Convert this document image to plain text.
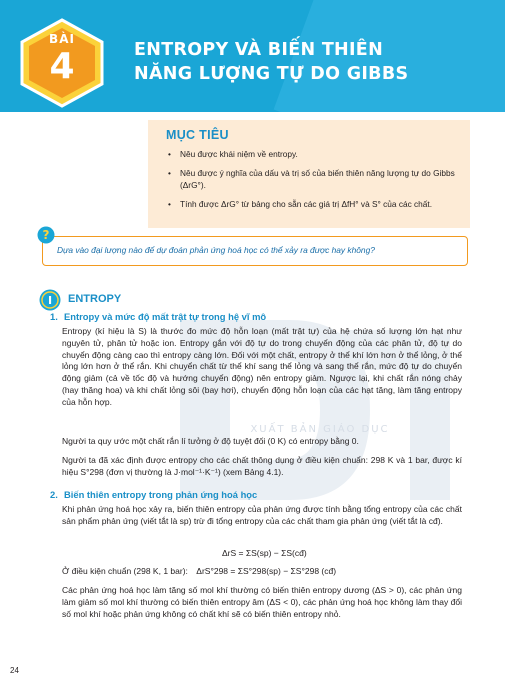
BÀI
4	ENTROPY VÀ BIẾN THIÊN
NĂNG LƯỢNG TỰ DO GIBBS
MỤC TIÊU
• Nêu được khái niệm về entropy.
• Nêu được ý nghĩa của dấu và trị số của biến thiên năng lượng tự do Gibbs (ΔrG°).
• Tính được ΔrG° từ bảng cho sẵn các giá trị ΔfH° và S° của các chất.
Dựa vào đại lượng nào để dự đoán phản ứng hoá học có thể xảy ra được hay không?
?
XUẤT BẢN GIÁO DỤC
I ENTROPY
1. Entropy và mức độ mất trật tự trong hệ vĩ mô

Entropy (kí hiệu là S) là thước đo mức độ hỗn loạn (mất trật tự) của hệ chứa số lượng lớn hạt như nguyên tử, phân tử hoặc ion. Entropy gắn với độ tự do trong chuyển động của các phân tử, độ tự do chuyển động càng cao thì entropy càng lớn. Đối với một chất, entropy ở thể khí lớn hơn ở thể lỏng, ở thể lỏng lớn hơn ở thể rắn. Khi chuyển chất từ thể khí sang thể lỏng và sang thể rắn, mức độ tự do chuyển động giảm (cả về tốc độ và hướng chuyển động) nên entropy giảm. Ngược lại, khi chất rắn nóng chảy (hay thăng hoa) và khi chất lỏng sôi (bay hơi), chuyển động hỗn loạn của các hạt tăng, làm tăng entropy của hỗn hợp.

Người ta quy ước một chất rắn lí tưởng ở độ tuyệt đối (0 K) có entropy bằng 0.

Người ta đã xác định được entropy cho các chất thông dụng ở điều kiện chuẩn: 298 K và 1 bar, được kí hiệu S°298 (đơn vị thường là J·mol⁻¹·K⁻¹) (xem Bảng 4.1).

2. Biến thiên entropy trong phản ứng hoá học

Khi phản ứng hoá học xảy ra, biến thiên entropy của phản ứng được tính bằng tổng entropy của các chất sản phẩm phản ứng (viết tắt là sp) trừ đi tổng entropy của các chất tham gia phản ứng (viết tắt là cđ).

ΔrS = ΣS(sp) − ΣS(cđ)
Ở điều kiện chuẩn (298 K, 1 bar): ΔrS°298 = ΣS°298(sp) − ΣS°298 (cđ)

Các phản ứng hoá học làm tăng số mol khí thường có biến thiên entropy dương (ΔS > 0), các phản ứng làm giảm số mol khí thường có biến thiên entropy âm (ΔS < 0), các phản ứng hoá học không làm thay đổi số mol khí hoặc phản ứng không có chất khí sẽ có biến thiên entropy nhỏ.

24
